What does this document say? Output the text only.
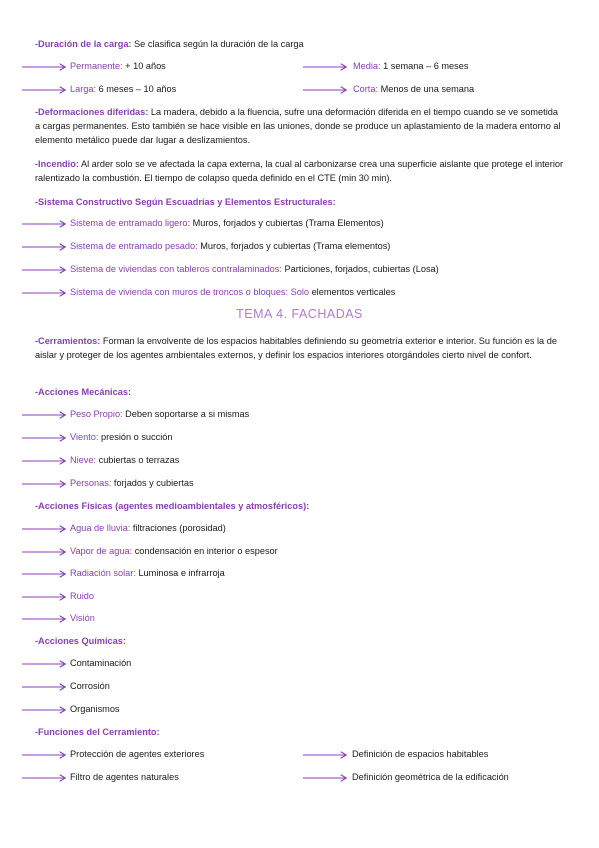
-Duración de la carga: Se clasifica según la duración de la carga
Permanente: + 10 años	Media: 1 semana – 6 meses
Larga: 6 meses – 10 años	Corta: Menos de una semana
-Deformaciones diferidas: La madera, debido a la fluencia, sufre una deformación diferida en el tiempo cuando se ve sometida a cargas permanentes. Esto también se hace visible en las uniones, donde se produce un aplastamiento de la madera entorno al elemento metálico puede dar lugar a deslizamientos.
-Incendio: Al arder solo se ve afectada la capa externa, la cual al carbonizarse crea una superficie aislante que protege el interior ralentizado la combustión. El tiempo de colapso queda definido en el CTE (min 30 min).
-Sistema Constructivo Según Escuadrías y Elementos Estructurales:
Sistema de entramado ligero: Muros, forjados y cubiertas (Trama Elementos)
Sistema de entramado pesado: Muros, forjados y cubiertas (Trama elementos)
Sistema de viviendas con tableros contralaminados: Particiones, forjados, cubiertas (Losa)
Sistema de vivienda con muros de troncos o bloques: Solo elementos verticales
TEMA 4. FACHADAS
-Cerramientos: Forman la envolvente de los espacios habitables definiendo su geometría exterior e interior. Su función es la de aislar y proteger de los agentes ambientales externos, y definir los espacios interiores otorgándoles cierto nivel de confort.
-Acciones Mecánicas:
Peso Propio: Deben soportarse a si mismas
Viento: presión o succión
Nieve: cubiertas o terrazas
Personas: forjados y cubiertas
-Acciones Físicas (agentes medioambientales y atmosféricos):
Agua de lluvia: filtraciones (porosidad)
Vapor de agua: condensación en interior o espesor
Radiación solar: Luminosa e infrarroja
Ruido
Visión
-Acciones Químicas:
Contaminación
Corrosión
Organismos
-Funciones del Cerramiento:
Protección de agentes exteriores	Definición de espacios habitables
Filtro de agentes naturales	Definición geométrica de la edificación
